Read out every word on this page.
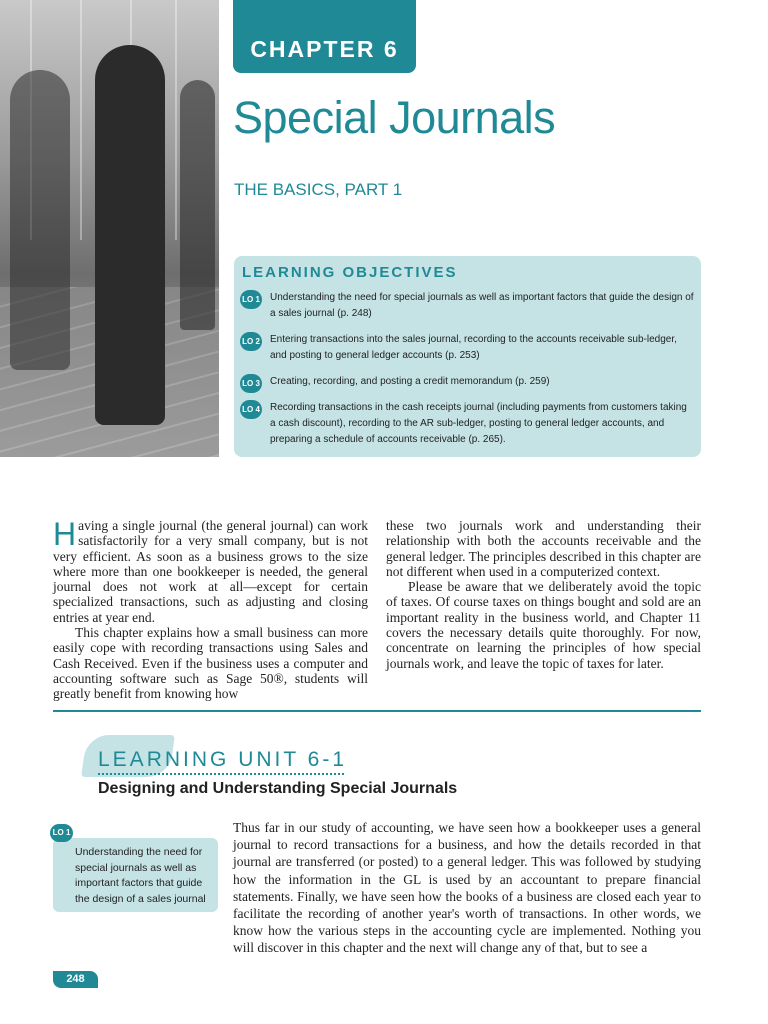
CHAPTER 6
Special Journals
THE BASICS, PART 1
LEARNING OBJECTIVES
LO 1 Understanding the need for special journals as well as important factors that guide the design of a sales journal (p. 248)
LO 2 Entering transactions into the sales journal, recording to the accounts receivable sub-ledger, and posting to general ledger accounts (p. 253)
LO 3 Creating, recording, and posting a credit memorandum (p. 259)
LO 4 Recording transactions in the cash receipts journal (including payments from customers taking a cash discount), recording to the AR sub-ledger, posting to general ledger accounts, and preparing a schedule of accounts receivable (p. 265).

Having a single journal (the general journal) can work satisfactorily for a very small company, but is not very efficient. As soon as a business grows to the size where more than one bookkeeper is needed, the general journal does not work at all—except for certain specialized transactions, such as adjusting and closing entries at year end.

This chapter explains how a small business can more easily cope with recording transactions using Sales and Cash Received. Even if the business uses a computer and accounting software such as Sage 50®, students will greatly benefit from knowing how

these two journals work and understanding their relationship with both the accounts receivable and the general ledger. The principles described in this chapter are not different when used in a computerized context.

Please be aware that we deliberately avoid the topic of taxes. Of course taxes on things bought and sold are an important reality in the business world, and Chapter 11 covers the necessary details quite thoroughly. For now, concentrate on learning the principles of how special journals work, and leave the topic of taxes for later.

LEARNING UNIT 6-1
Designing and Understanding Special Journals
LO 1
Understanding the need for special journals as well as important factors that guide the design of a sales journal
Thus far in our study of accounting, we have seen how a bookkeeper uses a general journal to record transactions for a business, and how the details recorded in that journal are transferred (or posted) to a general ledger. This was followed by studying how the information in the GL is used by an accountant to prepare financial statements. Finally, we have seen how the books of a business are closed each year to facilitate the recording of another year's worth of transactions. In other words, we know how the various steps in the accounting cycle are implemented. Nothing you will discover in this chapter and the next will change any of that, but to see a
248
